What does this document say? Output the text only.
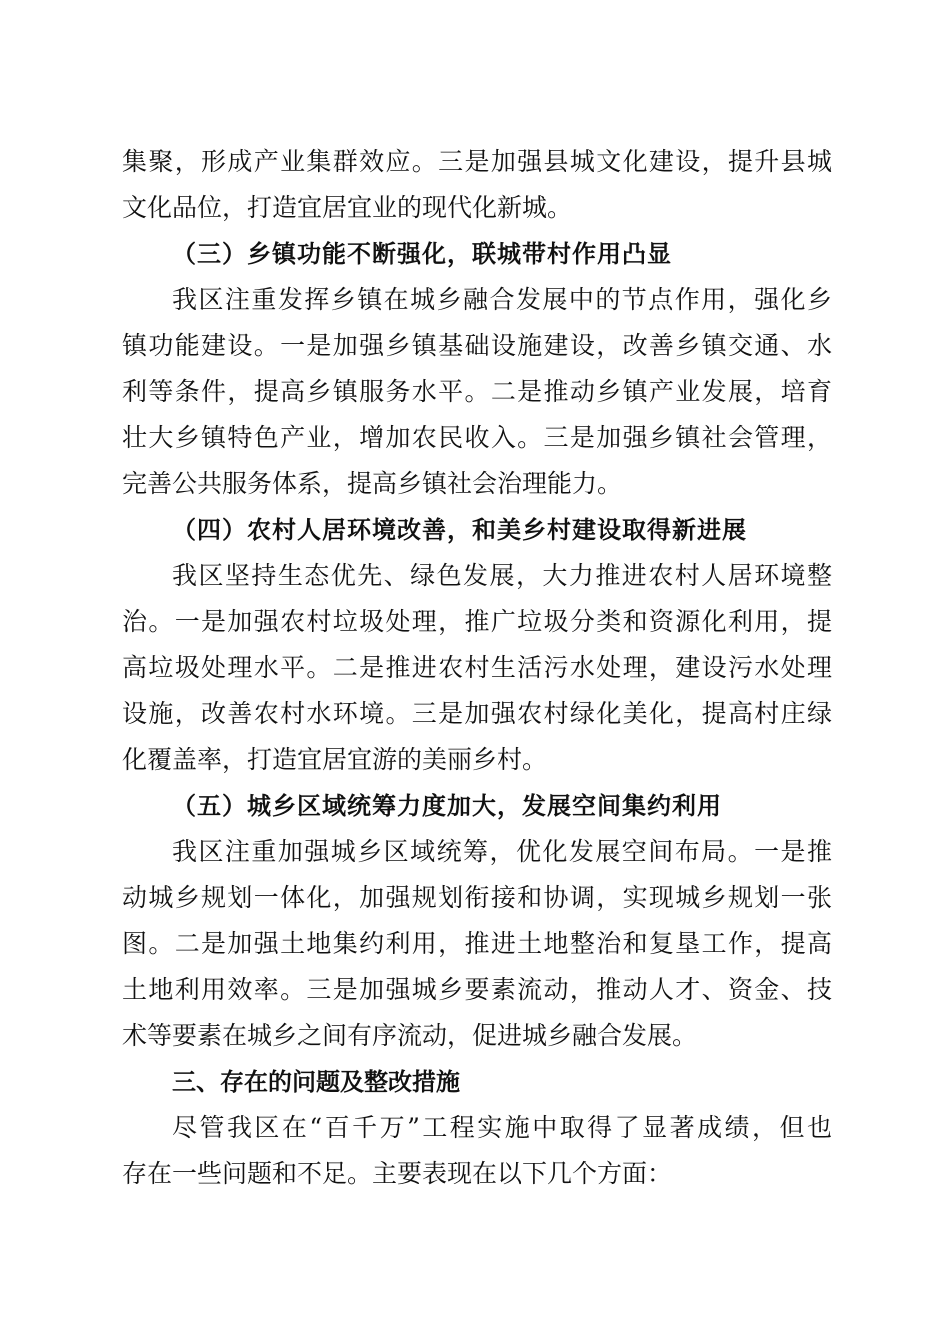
集聚，形成产业集群效应。三是加强县城文化建设，提升县城
文化品位，打造宜居宜业的现代化新城。
（三）乡镇功能不断强化，联城带村作用凸显
我区注重发挥乡镇在城乡融合发展中的节点作用，强化乡
镇功能建设。一是加强乡镇基础设施建设，改善乡镇交通、水
利等条件，提高乡镇服务水平。二是推动乡镇产业发展，培育
壮大乡镇特色产业，增加农民收入。三是加强乡镇社会管理，
完善公共服务体系，提高乡镇社会治理能力。
（四）农村人居环境改善，和美乡村建设取得新进展
我区坚持生态优先、绿色发展，大力推进农村人居环境整
治。一是加强农村垃圾处理，推广垃圾分类和资源化利用，提
高垃圾处理水平。二是推进农村生活污水处理，建设污水处理
设施，改善农村水环境。三是加强农村绿化美化，提高村庄绿
化覆盖率，打造宜居宜游的美丽乡村。
（五）城乡区域统筹力度加大，发展空间集约利用
我区注重加强城乡区域统筹，优化发展空间布局。一是推
动城乡规划一体化，加强规划衔接和协调，实现城乡规划一张
图。二是加强土地集约利用，推进土地整治和复垦工作，提高
土地利用效率。三是加强城乡要素流动，推动人才、资金、技
术等要素在城乡之间有序流动，促进城乡融合发展。
三、存在的问题及整改措施
尽管我区在“百千万”工程实施中取得了显著成绩，但也
存在一些问题和不足。主要表现在以下几个方面：
